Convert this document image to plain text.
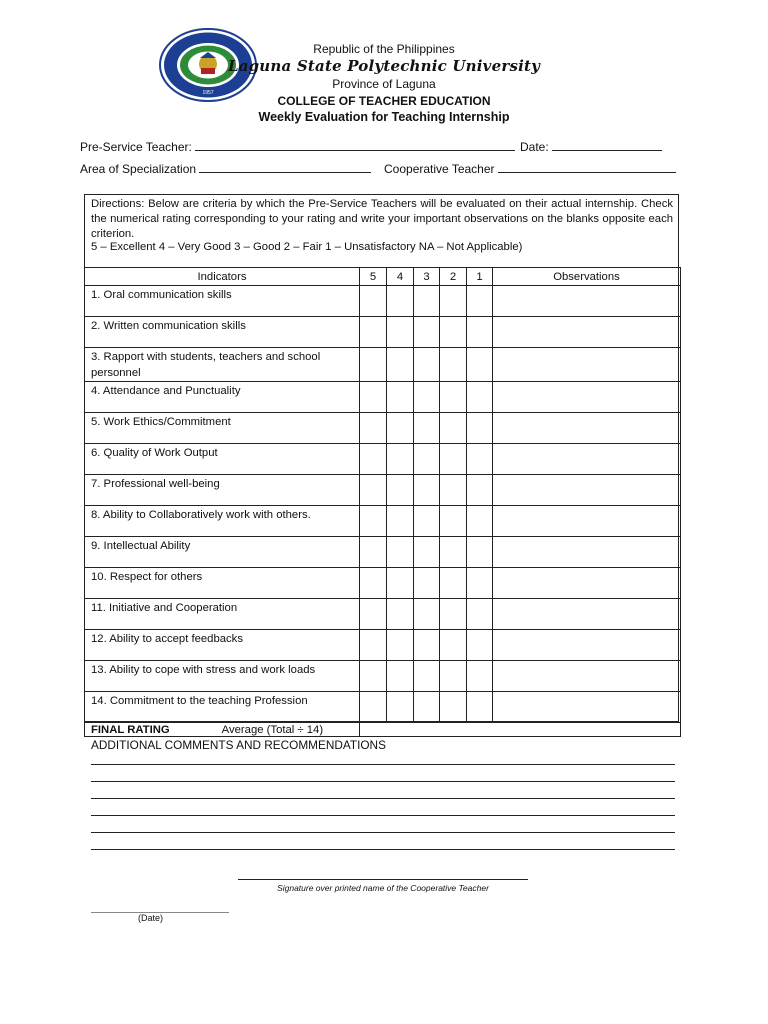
1957
Republic of the Philippines
Laguna State Polytechnic University
Province of Laguna
COLLEGE OF TEACHER EDUCATION
Weekly Evaluation for Teaching Internship
Pre-Service Teacher:	Date:
Area of Specialization	Cooperative Teacher
Directions: Below are criteria by which the Pre-Service Teachers will be evaluated on their actual internship. Check the numerical rating corresponding to your rating and write your important observations on the blanks opposite each criterion.
5 – Excellent 4 – Very Good 3 – Good 2 – Fair 1 – Unsatisfactory NA – Not Applicable)
Indicators	5	4	3	2	1	Observations
1. Oral communication skills						
2. Written communication skills						
3. Rapport with students, teachers and school personnel						
4. Attendance and Punctuality						
5. Work Ethics/Commitment						
6. Quality of Work Output						
7. Professional well-being						
8. Ability to Collaboratively work with others.						
9. Intellectual Ability						
10. Respect for others						
11. Initiative and Cooperation						
12. Ability to accept feedbacks						
13. Ability to cope with stress and work loads						
14. Commitment to the teaching Profession						
FINAL RATING Average (Total ÷ 14)						
ADDITIONAL COMMENTS AND RECOMMENDATIONS
Signature over printed name of the Cooperative Teacher
(Date)
